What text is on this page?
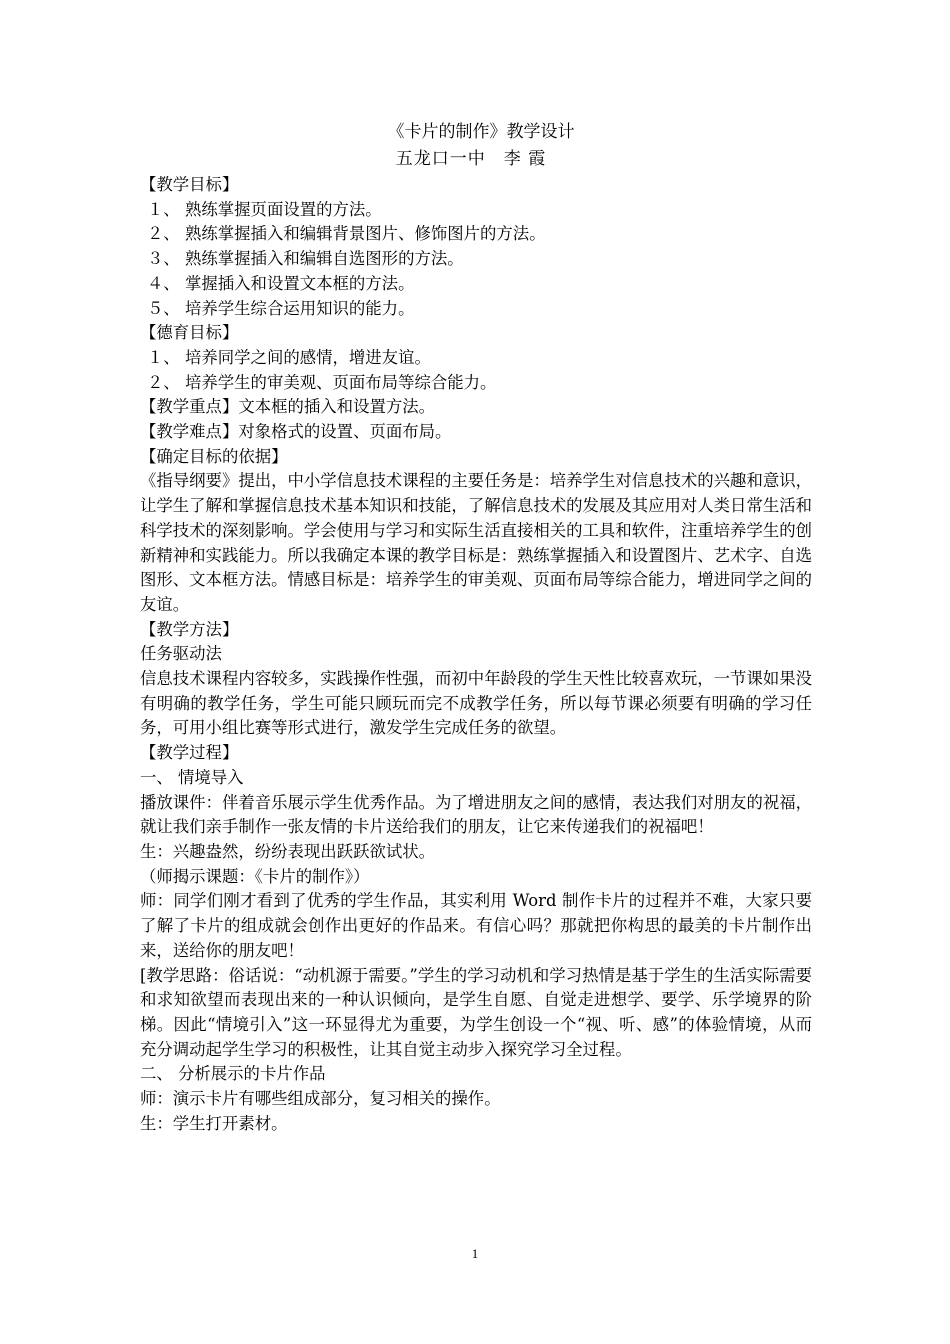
《卡片的制作》教学设计
五龙口一中　李 霞
【教学目标】
１、 熟练掌握页面设置的方法。
２、 熟练掌握插入和编辑背景图片、修饰图片的方法。
３、 熟练掌握插入和编辑自选图形的方法。
４、 掌握插入和设置文本框的方法。
５、 培养学生综合运用知识的能力。
【德育目标】
１、 培养同学之间的感情，增进友谊。
２、 培养学生的审美观、页面布局等综合能力。
【教学重点】文本框的插入和设置方法。
【教学难点】对象格式的设置、页面布局。
【确定目标的依据】
《指导纲要》提出，中小学信息技术课程的主要任务是：培养学生对信息技术的兴趣和意识，让学生了解和掌握信息技术基本知识和技能，了解信息技术的发展及其应用对人类日常生活和科学技术的深刻影响。学会使用与学习和实际生活直接相关的工具和软件，注重培养学生的创新精神和实践能力。所以我确定本课的教学目标是：熟练掌握插入和设置图片、艺术字、自选图形、文本框方法。情感目标是：培养学生的审美观、页面布局等综合能力，增进同学之间的友谊。
【教学方法】
任务驱动法
信息技术课程内容较多，实践操作性强，而初中年龄段的学生天性比较喜欢玩，一节课如果没有明确的教学任务，学生可能只顾玩而完不成教学任务，所以每节课必须要有明确的学习任务，可用小组比赛等形式进行，激发学生完成任务的欲望。
【教学过程】
一、 情境导入
播放课件：伴着音乐展示学生优秀作品。为了增进朋友之间的感情，表达我们对朋友的祝福，就让我们亲手制作一张友情的卡片送给我们的朋友，让它来传递我们的祝福吧！
生：兴趣盎然，纷纷表现出跃跃欲试状。
（师揭示课题：《卡片的制作》）
师：同学们刚才看到了优秀的学生作品，其实利用 Word 制作卡片的过程并不难，大家只要了解了卡片的组成就会创作出更好的作品来。有信心吗？那就把你构思的最美的卡片制作出来，送给你的朋友吧！
[教学思路：俗话说：“动机源于需要。”学生的学习动机和学习热情是基于学生的生活实际需要和求知欲望而表现出来的一种认识倾向，是学生自愿、自觉走进想学、要学、乐学境界的阶梯。因此“情境引入”这一环显得尤为重要，为学生创设一个“视、听、感”的体验情境，从而充分调动起学生学习的积极性，让其自觉主动步入探究学习全过程。
二、 分析展示的卡片作品
师：演示卡片有哪些组成部分，复习相关的操作。
生：学生打开素材。
1
